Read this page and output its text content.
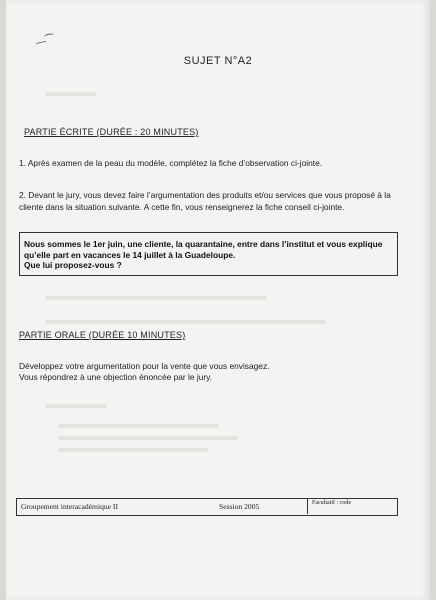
—⁀
SUJET N°A2
PARTIE ÉCRITE (DURÉE : 20 MINUTES)
1. Après examen de la peau du modèle, complétez la fiche d’observation ci-jointe.
2. Devant le jury, vous devez faire l’argumentation des produits et/ou services que vous proposé à la cliente dans la situation suivante. A cette fin, vous renseignerez la fiche conseil ci-jointe.
Nous sommes le 1er juin, une cliente, la quarantaine, entre dans l’institut et vous explique qu’elle part en vacances le 14 juillet à la Guadeloupe.
Que lui proposez-vous ?
PARTIE ORALE (DURÉE 10 MINUTES)
Développez votre argumentation pour la vente que vous envisagez.
Vous répondrez à une objection énoncée par le jury.
Groupement interacadémique II	Session 2005	Facultatif : code
